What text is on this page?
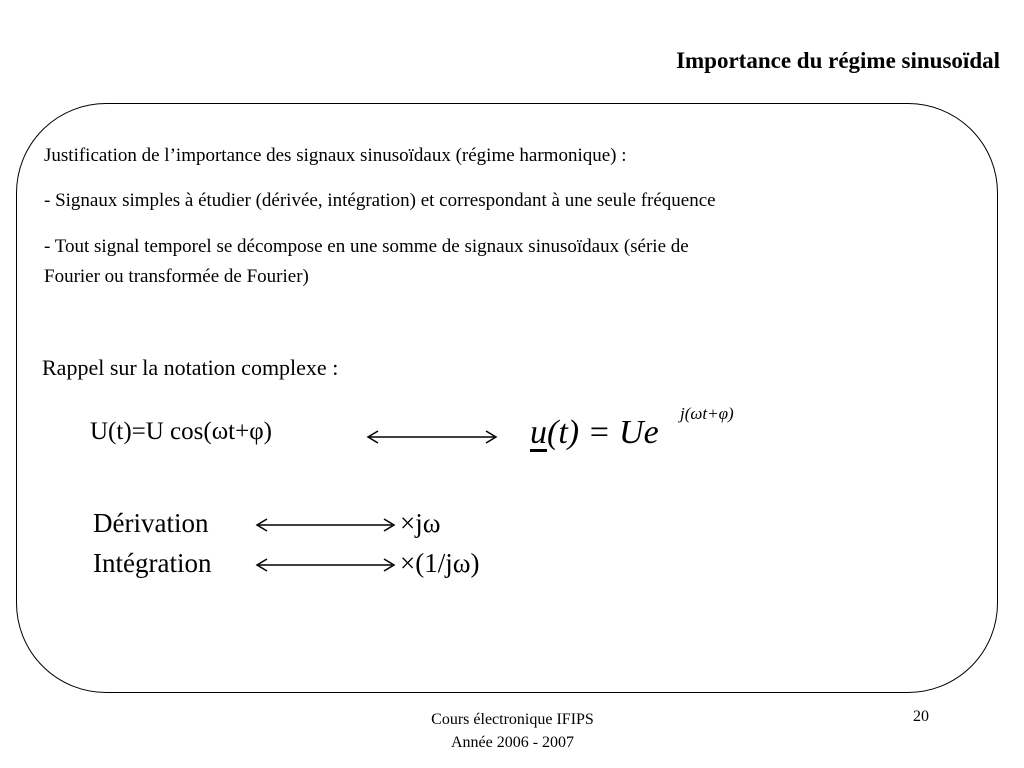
Importance du régime sinusoïdal
Justification de l’importance des signaux sinusoïdaux (régime harmonique) :
- Signaux simples à étudier (dérivée, intégration) et correspondant à une seule fréquence
- Tout signal temporel se décompose en une somme de signaux sinusoïdaux (série de
Fourier ou transformée de Fourier)
Rappel sur la notation complexe :
U(t)=U cos(ωt+φ)	u(t) = Ue
j(ωt+φ)
Dérivation	×jω
Intégration	×(1/jω)
Cours électronique IFIPS
Année 2006 - 2007
20
